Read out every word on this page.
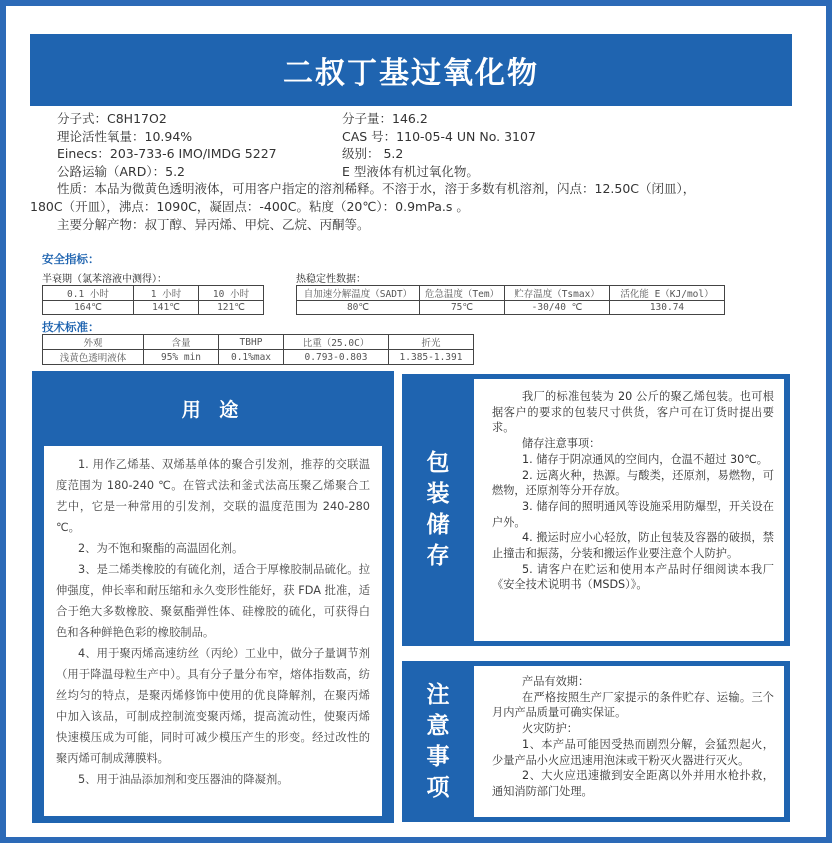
二叔丁基过氧化物
分子式：C8H17O2	分子量：146.2
理论活性氧量：10.94%	CAS 号：110-05-4 UN No. 3107
Einecs：203-733-6 IMO/IMDG 5227	级别： 5.2
公路运输（ARD）：5.2	E 型液体有机过氧化物。
性质：本品为微黄色透明液体，可用客户指定的溶剂稀释。不溶于水，溶于多数有机溶剂，闪点：12.50C（闭皿），
180C（开皿），沸点：1090C，凝固点：-400C。粘度（20℃）：0.9mPa.s 。
主要分解产物：叔丁醇、异丙烯、甲烷、乙烷、丙酮等。
安全指标：
半衰期（氯苯溶液中测得）：	热稳定性数据：
0.1 小时	1 小时	10 小时
164℃	141℃	121℃
自加速分解温度（SADT）	危急温度（Tem）	贮存温度（Tsmax）	活化能 E（KJ/mol）
80℃	75℃	-30/40 ℃	130.74
技术标准：
外观	含量	TBHP	比重（25.0C）	折光
浅黄色透明液体	95% min	0.1%max	0.793-0.803	1.385-1.391
用 途

1. 用作乙烯基、双烯基单体的聚合引发剂，推荐的交联温度范围为 180-240 ℃。在管式法和釜式法高压聚乙烯聚合工艺中，它是一种常用的引发剂，交联的温度范围为 240-280 ℃。

2、为不饱和聚酯的高温固化剂。

3、是二烯类橡胶的有硫化剂，适合于厚橡胶制品硫化。拉伸强度，伸长率和耐压缩和永久变形性能好，获 FDA 批准，适合于绝大多数橡胶、聚氨酯弹性体、硅橡胶的硫化，可获得白色和各种鲜艳色彩的橡胶制品。

4、用于聚丙烯高速纺丝（丙纶）工业中，做分子量调节剂（用于降温母粒生产中）。具有分子量分布窄，熔体指数高，纺丝均匀的特点，是聚丙烯修饰中使用的优良降解剂，在聚丙烯中加入该品，可制成控制流变聚丙烯，提高流动性，使聚丙烯快速模压成为可能，同时可减少模压产生的形变。经过改性的聚丙烯可制成薄膜料。

5、用于油品添加剂和变压器油的降凝剂。

包
装
储
存

我厂的标准包装为 20 公斤的聚乙烯包装。也可根据客户的要求的包装尺寸供货，客户可在订货时提出要求。

储存注意事项：

1. 储存于阴凉通风的空间内，仓温不超过 30℃。

2. 远离火种，热源。与酸类，还原剂，易燃物，可燃物，还原剂等分开存放。

3. 储存间的照明通风等设施采用防爆型，开关设在户外。

4. 搬运时应小心轻放，防止包装及容器的破损，禁止撞击和振荡，分装和搬运作业要注意个人防护。

5. 请客户在贮运和使用本产品时仔细阅读本我厂《安全技术说明书（MSDS）》。

注
意
事
项

产品有效期：

在严格按照生产厂家提示的条件贮存、运输。三个月内产品质量可确实保证。

火灾防护：

1、本产品可能因受热而剧烈分解，会猛烈起火，少量产品小火应迅速用泡沫或干粉灭火器进行灭火。

2、大火应迅速撤到安全距离以外并用水枪扑救，通知消防部门处理。
